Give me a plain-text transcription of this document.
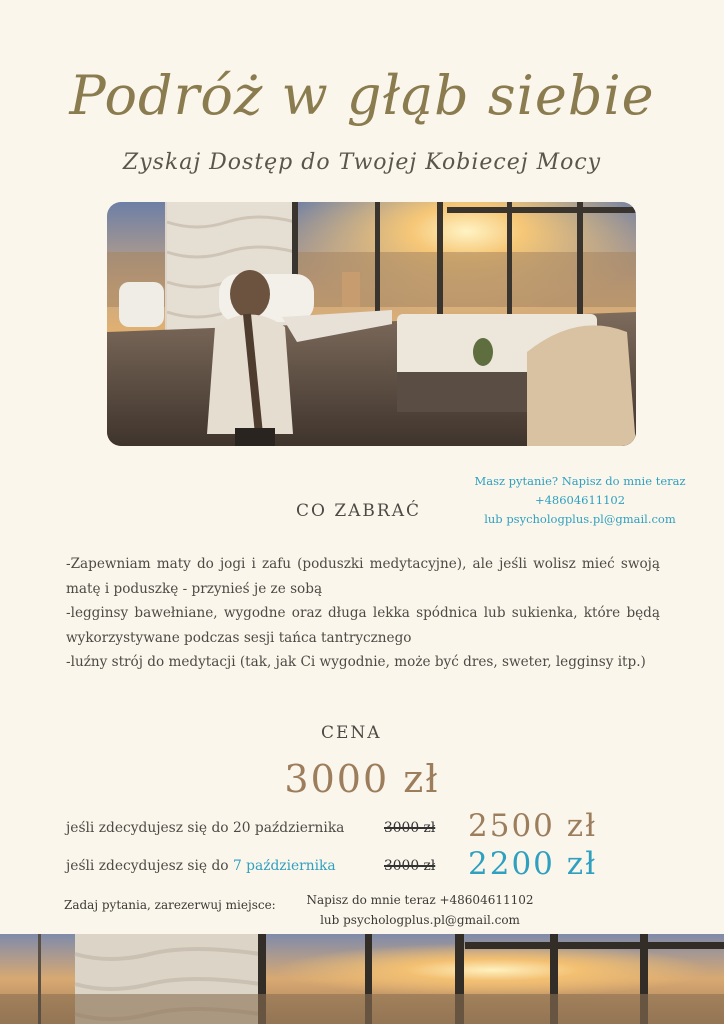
Podróż w głąb siebie
Zyskaj Dostęp do Twojej Kobiecej Mocy
Masz pytanie? Napisz do mnie teraz
+48604611102
lub psychologplus.pl@gmail.com
CO ZABRAĆ

-Zapewniam maty do jogi i zafu (poduszki medytacyjne), ale jeśli wolisz mieć swoją matę i poduszkę - przynieś je ze sobą

-legginsy bawełniane, wygodne oraz długa lekka spódnica lub sukienka, które będą wykorzystywane podczas sesji tańca tantrycznego

-luźny strój do medytacji (tak, jak Ci wygodnie, może być dres, sweter, legginsy itp.)

CENA
3000 zł
jeśli zdecydujesz się do 20 października	3000 zł 2500 zł
jeśli zdecydujesz się do 7 października	3000 zł 2200 zł
Zadaj pytania, zarezerwuj miejsce:	Napisz do mnie teraz +48604611102
lub psychologplus.pl@gmail.com
